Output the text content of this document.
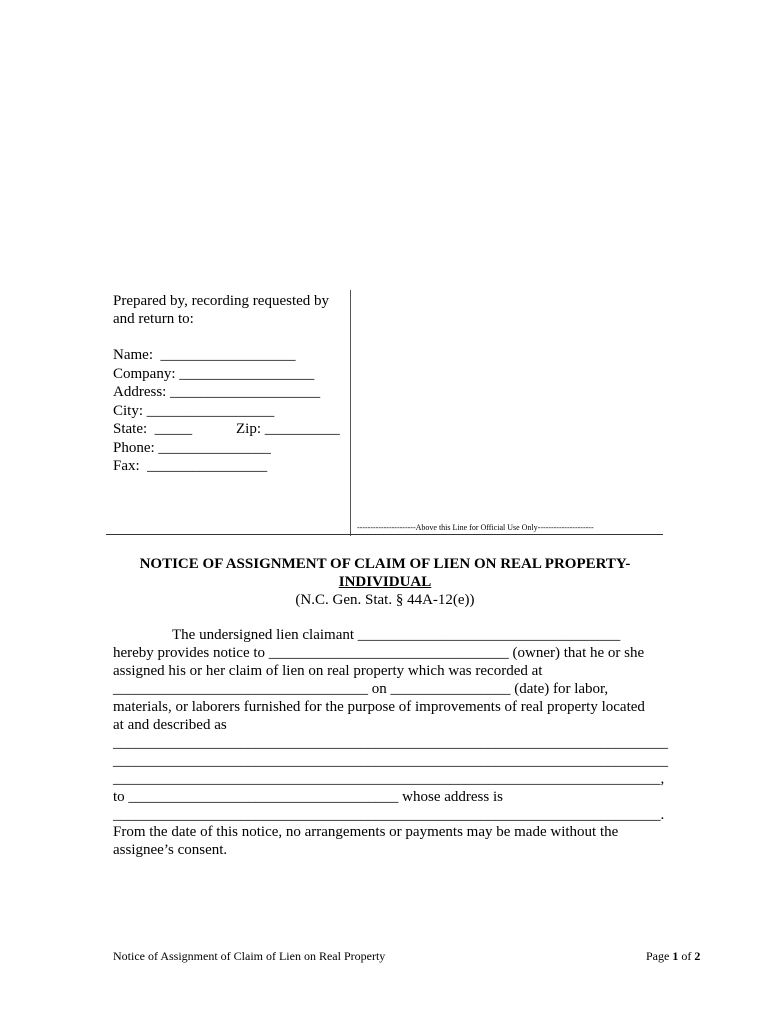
Prepared by, recording requested by
and return to:
Name:  __________________
Company: __________________
Address: ____________________
City: _________________
State:  _____	Zip: __________
Phone: _______________
Fax:  ________________
----------------------Above this Line for Official Use Only---------------------
NOTICE OF ASSIGNMENT OF CLAIM OF LIEN ON REAL PROPERTY-
INDIVIDUAL
(N.C. Gen. Stat. § 44A-12(e))
The undersigned lien claimant ___________________________________
hereby provides notice to ________________________________ (owner) that he or she
assigned his or her claim of lien on real property which was recorded at
__________________________________ on ________________ (date) for labor,
materials, or laborers furnished for the purpose of improvements of real property located
at and described as
__________________________________________________________________________
__________________________________________________________________________
_________________________________________________________________________,
to ____________________________________ whose address is
_________________________________________________________________________.
From the date of this notice, no arrangements or payments may be made without the
assignee’s consent.
Notice of Assignment of Claim of Lien on Real Property	Page 1 of 2
